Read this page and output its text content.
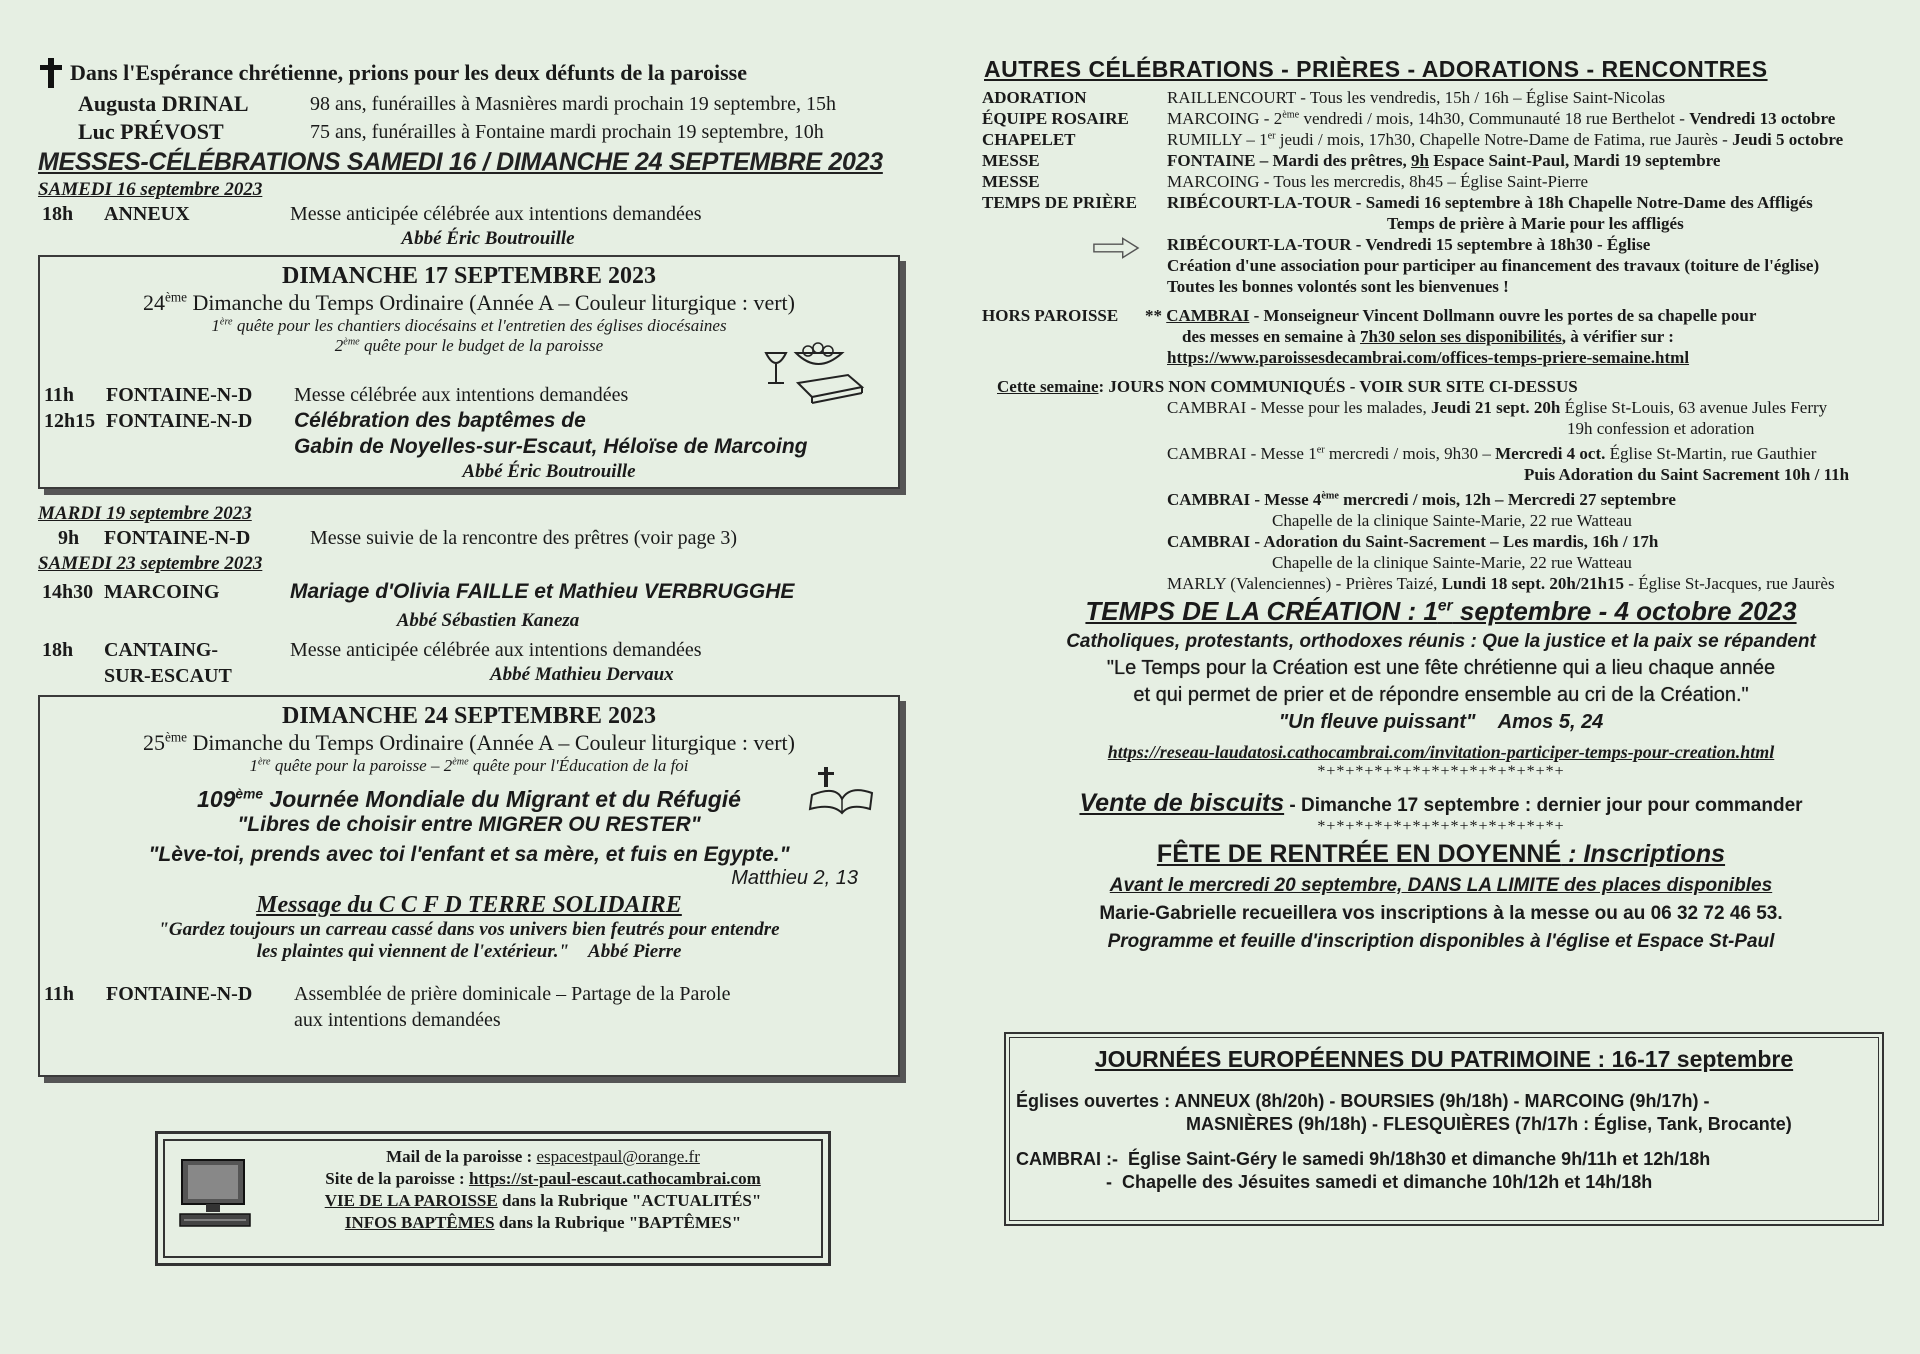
Dans l'Espérance chrétienne, prions pour les deux défunts de la paroisse
Augusta DRINAL	98 ans, funérailles à Masnières mardi prochain 19 septembre, 15h
Luc PRÉVOST	75 ans, funérailles à Fontaine mardi prochain 19 septembre, 10h
MESSES-CÉLÉBRATIONS SAMEDI 16 / DIMANCHE 24 SEPTEMBRE 2023
SAMEDI 16 septembre 2023
18h	ANNEUX	Messe anticipée célébrée aux intentions demandées
Abbé Éric Boutrouille
DIMANCHE 17 SEPTEMBRE 2023
24ème Dimanche du Temps Ordinaire (Année A – Couleur liturgique : vert)
1ère quête pour les chantiers diocésains et l'entretien des églises diocésaines
2ème quête pour le budget de la paroisse
11h	FONTAINE-N-D	Messe célébrée aux intentions demandées
12h15 FONTAINE-N-D	Célébration des baptêmes de
Gabin de Noyelles-sur-Escaut, Héloïse de Marcoing
Abbé Éric Boutrouille
MARDI 19 septembre 2023
9h	FONTAINE-N-D	Messe suivie de la rencontre des prêtres (voir page 3)
SAMEDI 23 septembre 2023
14h30 MARCOING	Mariage d'Olivia FAILLE et Mathieu VERBRUGGHE
Abbé Sébastien Kaneza
18h	CANTAING-	Messe anticipée célébrée aux intentions demandées
SUR-ESCAUT	Abbé Mathieu Dervaux
DIMANCHE 24 SEPTEMBRE 2023
25ème Dimanche du Temps Ordinaire (Année A – Couleur liturgique : vert)
1ère quête pour la paroisse – 2ème quête pour l'Éducation de la foi
109ème Journée Mondiale du Migrant et du Réfugié
"Libres de choisir entre MIGRER OU RESTER"
"Lève-toi, prends avec toi l'enfant et sa mère, et fuis en Egypte."
Matthieu 2, 13
Message du C C F D TERRE SOLIDAIRE
"Gardez toujours un carreau cassé dans vos univers bien feutrés pour entendre
les plaintes qui viennent de l'extérieur." Abbé Pierre
11h	FONTAINE-N-D	Assemblée de prière dominicale – Partage de la Parole
aux intentions demandées
Mail de la paroisse : espacestpaul@orange.fr
Site de la paroisse : https://st-paul-escaut.cathocambrai.com
VIE DE LA PAROISSE dans la Rubrique "ACTUALITÉS"
INFOS BAPTÊMES dans la Rubrique "BAPTÊMES"
AUTRES CÉLÉBRATIONS - PRIÈRES - ADORATIONS - RENCONTRES
ADORATION	RAILLENCOURT - Tous les vendredis, 15h / 16h – Église Saint-Nicolas
ÉQUIPE ROSAIRE	MARCOING - 2ème vendredi / mois, 14h30, Communauté 18 rue Berthelot - Vendredi 13 octobre
CHAPELET	RUMILLY – 1er jeudi / mois, 17h30, Chapelle Notre-Dame de Fatima, rue Jaurès - Jeudi 5 octobre
MESSE	FONTAINE – Mardi des prêtres, 9h Espace Saint-Paul, Mardi 19 septembre
MESSE	MARCOING - Tous les mercredis, 8h45 – Église Saint-Pierre
TEMPS DE PRIÈRE	RIBÉCOURT-LA-TOUR - Samedi 16 septembre à 18h Chapelle Notre-Dame des Affligés
Temps de prière à Marie pour les affligés
RIBÉCOURT-LA-TOUR - Vendredi 15 septembre à 18h30 - Église
Création d'une association pour participer au financement des travaux (toiture de l'église)
Toutes les bonnes volontés sont les bienvenues !
HORS PAROISSE	** CAMBRAI - Monseigneur Vincent Dollmann ouvre les portes de sa chapelle pour
des messes en semaine à 7h30 selon ses disponibilités, à vérifier sur :
https://www.paroissesdecambrai.com/offices-temps-priere-semaine.html
Cette semaine : JOURS NON COMMUNIQUÉS - VOIR SUR SITE CI-DESSUS
CAMBRAI - Messe pour les malades, Jeudi 21 sept. 20h Église St-Louis, 63 avenue Jules Ferry
19h confession et adoration
CAMBRAI - Messe 1er mercredi / mois, 9h30 – Mercredi 4 oct. Église St-Martin, rue Gauthier
Puis Adoration du Saint Sacrement 10h / 11h
CAMBRAI - Messe 4ème mercredi / mois, 12h – Mercredi 27 septembre
Chapelle de la clinique Sainte-Marie, 22 rue Watteau
CAMBRAI - Adoration du Saint-Sacrement – Les mardis, 16h / 17h
Chapelle de la clinique Sainte-Marie, 22 rue Watteau
MARLY (Valenciennes) - Prières Taizé, Lundi 18 sept. 20h/21h15 - Église St-Jacques, rue Jaurès
TEMPS DE LA CRÉATION : 1er septembre - 4 octobre 2023
Catholiques, protestants, orthodoxes réunis : Que la justice et la paix se répandent
"Le Temps pour la Création est une fête chrétienne qui a lieu chaque année
et qui permet de prier et de répondre ensemble au cri de la Création."
"Un fleuve puissant" Amos 5, 24
https://reseau-laudatosi.cathocambrai.com/invitation-participer-temps-pour-creation.html
*+*+*+*+*+*+*+*+*+*+*+*+*+
Vente de biscuits - Dimanche 17 septembre : dernier jour pour commander
*+*+*+*+*+*+*+*+*+*+*+*+*+
FÊTE DE RENTRÉE EN DOYENNÉ : Inscriptions
Avant le mercredi 20 septembre, DANS LA LIMITE des places disponibles
Marie-Gabrielle recueillera vos inscriptions à la messe ou au 06 32 72 46 53.
Programme et feuille d'inscription disponibles à l'église et Espace St-Paul
JOURNÉES EUROPÉENNES DU PATRIMOINE : 16-17 septembre
Églises ouvertes : ANNEUX (8h/20h) - BOURSIES (9h/18h) - MARCOING (9h/17h) -
MASNIÈRES (9h/18h) - FLESQUIÈRES (7h/17h : Église, Tank, Brocante)
CAMBRAI :- Église Saint-Géry le samedi 9h/18h30 et dimanche 9h/11h et 12h/18h
- Chapelle des Jésuites samedi et dimanche 10h/12h et 14h/18h
